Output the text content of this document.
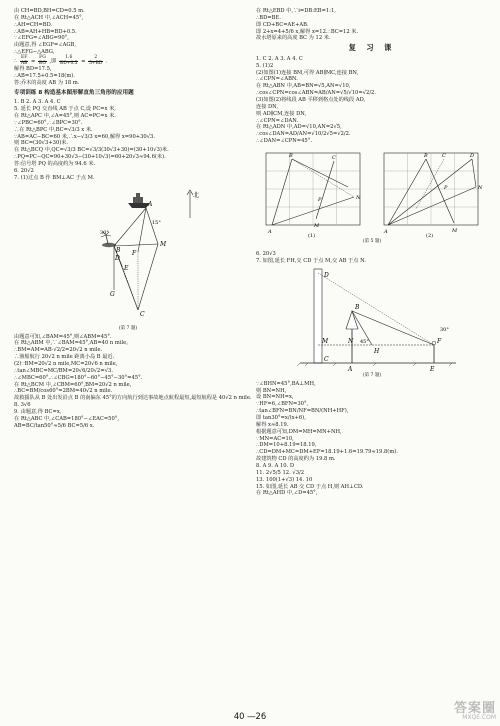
由 CH=BD,BH=CD=0.5 m.
在 Rt△ACH 中,∠ACH=45°,
∴AH=CH=BD.
∴AB=AH+HB=BD+0.5.
∵∠EFG=∠ABG=90°,
由题意,得 ∠EGF=∠AGB,
∴△EFG∽△ABG,
∴ $\frac{EF}{AB} = \frac{FG}{BG}$ ,即 $\frac{1.6}{BD+0.5} = \frac{2}{5+BD}$ .
解得 BD=17.5,
∴AB=17.5+0.5=18(m).
答:乔木的高度 AB 为 18 m.
专项训练 8 构造基本图形解直角三角形的应用题
1. B 2. A 3. A 4. C
5. 延长 PQ 交直线 AB 于点 C,设 PC=x 米,
在 Rt△APC 中,∠A=45°,则 AC=PC=x 米.
∵∠PBC=60°,∴∠BPC=30°.
∴在 Rt△BPC 中,BC=√3/3 x 米.
∵AB=AC−BC=60 米,∴x−√3/3 x=60,解得 x=90+30√3.
则 BC=(30√3+30)米.
在 Rt△BCQ 中,QC=√3/3 BC=√3/3(30√3+30)=(30+10√3)米.
∴PQ=PC−QC=90+30√3−(30+10√3)=60+20√3≈94.6(米).
答:信号塔 PQ 的高度约为 94.6 米.
6. 20√2
7. (1)过点 B 作 BM⊥AC 于点 M.
北
A
M
C
B
E
F
G
D
15°
30°
(第 7 题)
由题意可知,∠BAM=45°,则∠ABM=45°.
在 Rt△ABM 中,∵∠BAM=45°,AB=40 n mile,
∴BM=AM=AB·√2/2=20√2 n mile.
∴渔船航行 20√2 n mile 距离小岛 B 最近.
(2)∵BM=20√2 n mile,MC=20√6 n mile,
∴tan∠MBC=MC/BM=20√6/20√2=√3.
∴∠MBC=60°.∴∠CBG=180°−60°−45°−30°=45°.
在 Rt△BCM 中,∠CBM=60°,BM=20√2 n mile,
∴BC=BM/cos60°=2BM=40√2 n mile.
故救援队从 B 处出发沿点 B 的南偏东 45°的方向航行到达事故地点航程最短,最短航程是 40√2 n mile.
8. 3√6
9. 由题意,得 BC=x,
在 Rt△ABC 中,∠CAB=180°−∠EAC=50°,
AB=BC/tan50°≈5/6 BC=5/6 x.
在 Rt△EBD 中,∵i=DB:EB=1:1,
∴BD=BE.
即 CD+BC=AE+AB.
即 2+x=4+5/6 x,解得 x=12.∴BC=12 米.
故水塔原来的高度 BC 为 12 米.
复 习 课
1. C 2. A 3. A 4. C
5. (1)2
(2)如图(1)连接 BM,可得 AB∥MC,连接 BN,
∴∠CPN=∠ABN.
在 Rt△ABN 中,AB=BN=√5,AN=√10,
∴cos∠CPN=cos∠ABN=AB/AN=√5/√10=√2/2.
(3)如图(2)将线段 AB 平移到格点处的线段 AD,
连接 DN,
则 AD∥CM,连接 DN,
∴∠CPN=∠DAN.
在 Rt△ADN 中,AD=√10,AN=2√5,
∴cos∠DAN=AD/AN=√10/2√5=√2/2.
∴∠DAN=∠CPN=45°.
A
B	C
P
M
N
A
B	C	D
P	N
M
(1)	(2)
(第 5 题)
6. 20√3
7. 如图,延长 FH,交 CD 于点 M,交 AB 于点 N.
D
C
M
B
N
A
H
E
F
45°
30°
(第 7 题)
∵∠BHN=45°,BA⊥MH,
则 BN=NH,
设 BN=NH=x,
∵HF=6,∠BFN=30°,
∴tan∠BFN=BN/NF=BN/(NH+HF),
即 tan30°=x/(x+6),
解得 x≈8.19.
根据题意可知,DM=MH=MN+NH,
∵MN=AC=10,
∴DM=10+8.19=18.19,
∴CD=DM+MC=DM+EF=18.19+1.6=19.79≈19.8(m).
故建筑物 CD 的高度约为 19.8 m.
8. A 9. A 10. D
11. 2√5/5 12. √3/2
13. 100(1+√3) 14. 10
15. 如图,延长 AB 交 CD 于点 H,则 AH⊥CD.
在 Rt△AHD 中,∠D=45°,
40 —26	答案圈
MXQE.COM
